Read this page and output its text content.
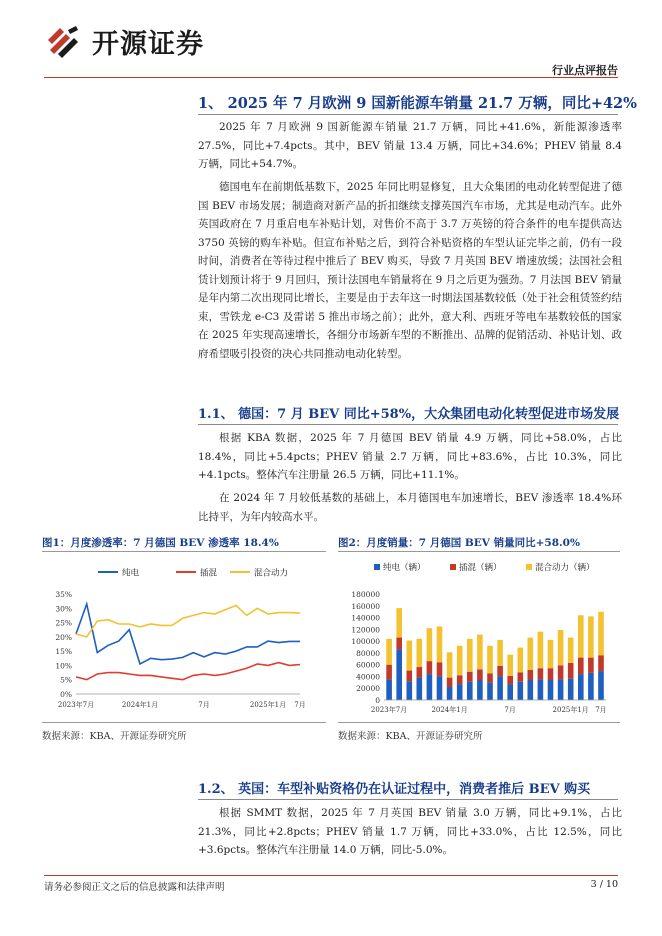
开源证券
行业点评报告
1、 2025 年 7 月欧洲 9 国新能源车销量 21.7 万辆，同比+42%

2025 年 7 月欧洲 9 国新能源车销量 21.7 万辆，同比+41.6%，新能源渗透率 27.5%，同比+7.4pcts。其中，BEV 销量 13.4 万辆，同比+34.6%；PHEV 销量 8.4 万辆，同比+54.7%。

德国电车在前期低基数下，2025 年同比明显修复，且大众集团的电动化转型促进了德国 BEV 市场发展；制造商对新产品的折扣继续支撑英国汽车市场，尤其是电动汽车。此外英国政府在 7 月重启电车补贴计划，对售价不高于 3.7 万英镑的符合条件的电车提供高达 3750 英镑的购车补贴。但宣布补贴之后，到符合补贴资格的车型认证完毕之前，仍有一段时间，消费者在等待过程中推后了 BEV 购买，导致 7 月英国 BEV 增速放缓；法国社会租赁计划预计将于 9 月回归，预计法国电车销量将在 9 月之后更为强劲。7 月法国 BEV 销量是年内第二次出现同比增长，主要是由于去年这一时期法国基数较低（处于社会租赁签约结束，雪铁龙 e-C3 及雷诺 5 推出市场之前）；此外，意大利、西班牙等电车基数较低的国家在 2025 年实现高速增长，各细分市场新车型的不断推出、品牌的促销活动、补贴计划、政府希望吸引投资的决心共同推动电动化转型。

1.1、 德国：7 月 BEV 同比+58%，大众集团电动化转型促进市场发展

根据 KBA 数据，2025 年 7 月德国 BEV 销量 4.9 万辆，同比+58.0%，占比 18.4%，同比+5.4pcts；PHEV 销量 2.7 万辆，同比+83.6%，占比 10.3%，同比+4.1pcts。整体汽车注册量 26.5 万辆，同比+11.1%。

在 2024 年 7 月较低基数的基础上，本月德国电车加速增长，BEV 渗透率 18.4%环比持平，为年内较高水平。

图1：月度渗透率：7 月德国 BEV 渗透率 18.4%
纯电	插混	混合动力
0%
5%
10%
15%
20%
25%
30%
35%
2023年7月	2024年1月	7月	2025年1月 7月
数据来源：KBA、开源证券研究所
图2：月度销量：7 月德国 BEV 销量同比+58.0%
纯电（辆）	插混（辆）	混合动力（辆）
0
20000
40000
60000
80000
100000
120000
140000
160000
180000
2023年7月	2024年1月	7月	2025年1月 7月
数据来源：KBA、开源证券研究所
1.2、 英国：车型补贴资格仍在认证过程中，消费者推后 BEV 购买

根据 SMMT 数据，2025 年 7 月英国 BEV 销量 3.0 万辆，同比+9.1%，占比 21.3%，同比+2.8pcts；PHEV 销量 1.7 万辆，同比+33.0%，占比 12.5%，同比+3.6pcts。整体汽车注册量 14.0 万辆，同比-5.0%。

请务必参阅正文之后的信息披露和法律声明	3 / 10
